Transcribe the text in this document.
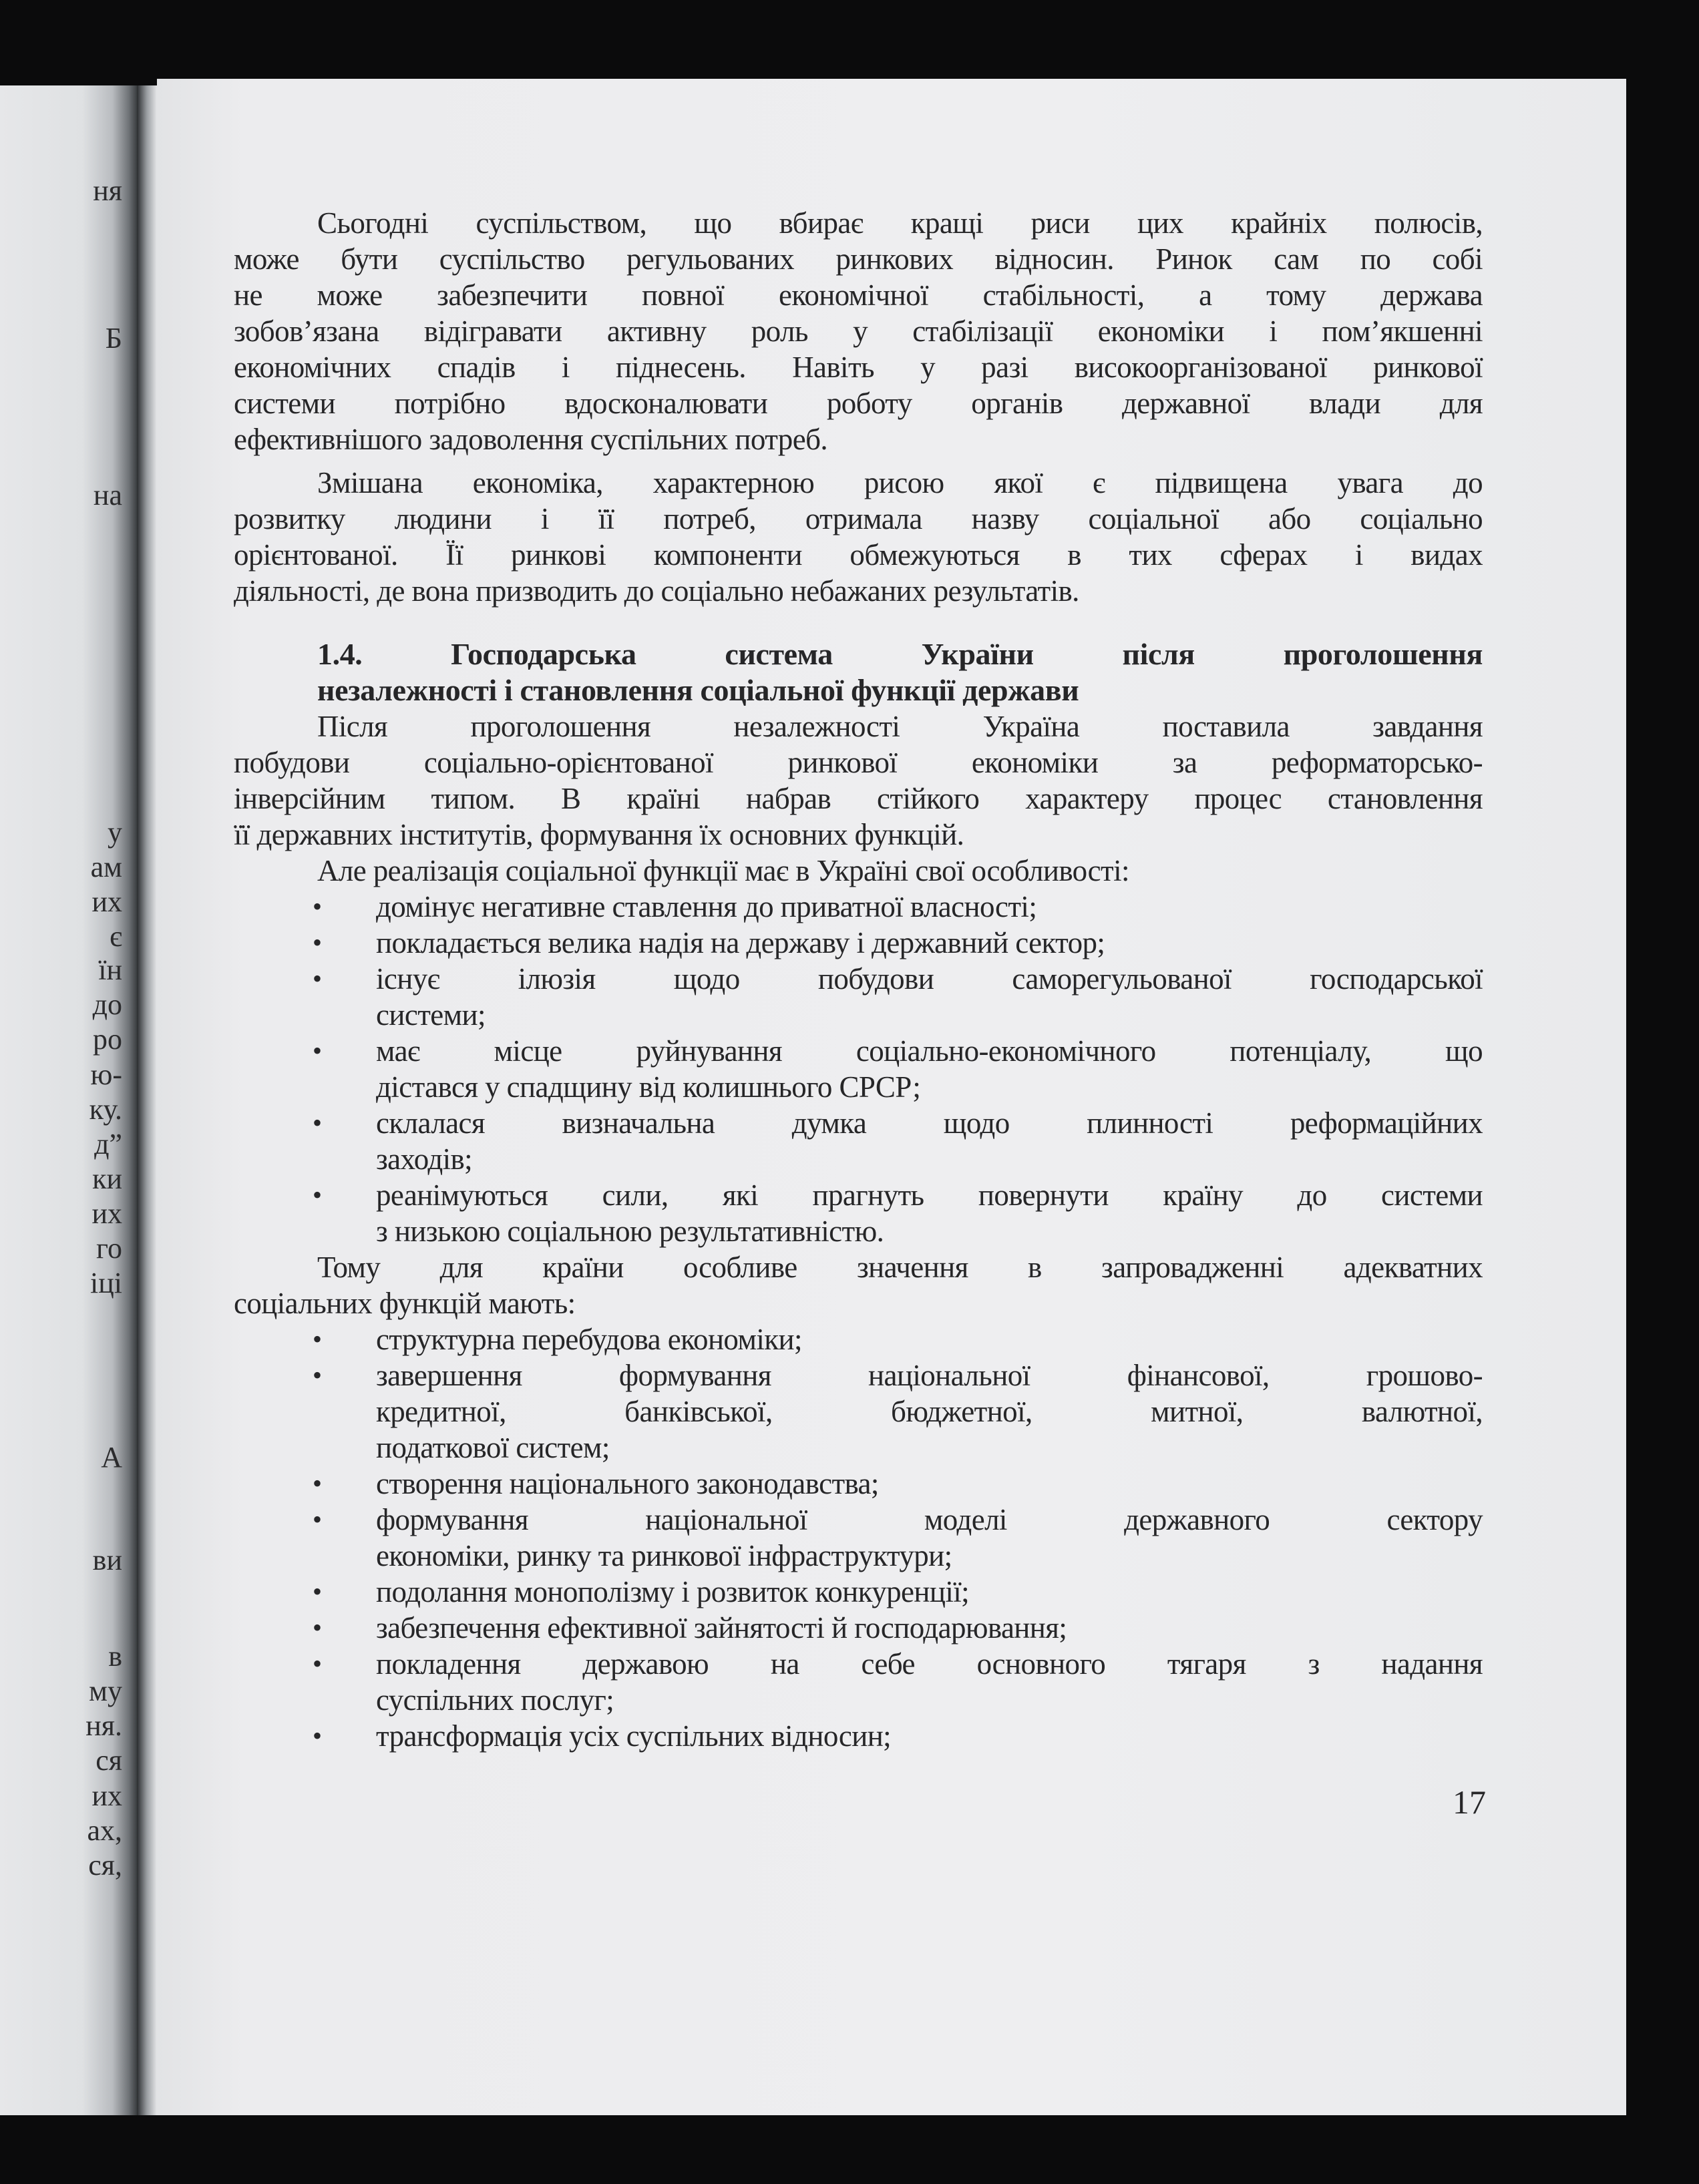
ня
Б
на
у
ам
их
є
їн
до
ро
ю-
ку.
д”
ки
их
го
іці
А
ви
в
му
ня.
ся
их
ах,
ся,
Сьогодні суспільством, що вбирає кращі риси цих крайніх полюсів,
може бути суспільство регульованих ринкових відносин. Ринок сам по собі
не може забезпечити повної економічної стабільності, а тому держава
зобов’язана відігравати активну роль у стабілізації економіки і пом’якшенні
економічних спадів і піднесень. Навіть у разі високоорганізованої ринкової
системи потрібно вдосконалювати роботу органів державної влади для
ефективнішого задоволення суспільних потреб.
Змішана економіка, характерною рисою якої є підвищена увага до
розвитку людини і її потреб, отримала назву соціальної або соціально
орієнтованої. Її ринкові компоненти обмежуються в тих сферах і видах
діяльності, де вона призводить до соціально небажаних результатів.
1.4. Господарська система України після проголошення
незалежності і становлення соціальної функції держави
Після проголошення незалежності Україна поставила завдання
побудови соціально-орієнтованої ринкової економіки за реформаторсько-
інверсійним типом. В країні набрав стійкого характеру процес становлення
її державних інститутів, формування їх основних функцій.
Але реалізація соціальної функції має в Україні свої особливості:
• домінує негативне ставлення до приватної власності;
• покладається велика надія на державу і державний сектор;
• існує ілюзія щодо побудови саморегульованої господарської
системи;
• має місце руйнування соціально-економічного потенціалу, що
дістався у спадщину від колишнього СРСР;
• склалася визначальна думка щодо плинності реформаційних
заходів;
• реанімуються сили, які прагнуть повернути країну до системи
з низькою соціальною результативністю.
Тому для країни особливе значення в запровадженні адекватних
соціальних функцій мають:
• структурна перебудова економіки;
• завершення формування національної фінансової, грошово-
кредитної, банківської, бюджетної, митної, валютної,
податкової систем;
• створення національного законодавства;
• формування національної моделі державного сектору
економіки, ринку та ринкової інфраструктури;
• подолання монополізму і розвиток конкуренції;
• забезпечення ефективної зайнятості й господарювання;
• покладення державою на себе основного тягаря з надання
суспільних послуг;
• трансформація усіх суспільних відносин;
17
